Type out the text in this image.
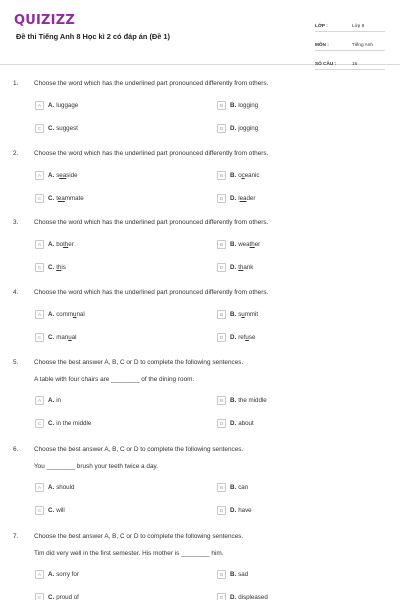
QUIZIZZ
Đề thi Tiếng Anh 8 Học kì 2 có đáp án (Đề 1)
LỚP :	Lớp 8
MÔN :	Tiếng Anh
SỐ CÂU :	16
1. Choose the word which has the underlined part pronounced differently from others.
A	A. luggage	B	B. logging
C	C. suggest	D	D. jogging
2. Choose the word which has the underlined part pronounced differently from others.
A	A. seaside	B	B. oceanic
C	C. teammate	D	D. leader
3. Choose the word which has the underlined part pronounced differently from others.
A	A. bother	B	B. weather
C	C. this	D	D. thank
4. Choose the word which has the underlined part pronounced differently from others.
A	A. communal	B	B. summit
C	C. manual	D	D. refuse
5. Choose the best answer A, B, C or D to complete the following sentences.
A table with four chairs are ________ of the dining room.
A	A. in	B	B. the middle
C	C. in the middle	D	D. about
6. Choose the best answer A, B, C or D to complete the following sentences.
You ________ brush your teeth twice a day.
A	A. should	B	B. can
C	C. will	D	D. have
7. Choose the best answer A, B, C or D to complete the following sentences.
Tim did very well in the first semester. His mother is ________ him.
A	A. sorry for	B	B. sad
C	C. proud of	D	D. displeased
